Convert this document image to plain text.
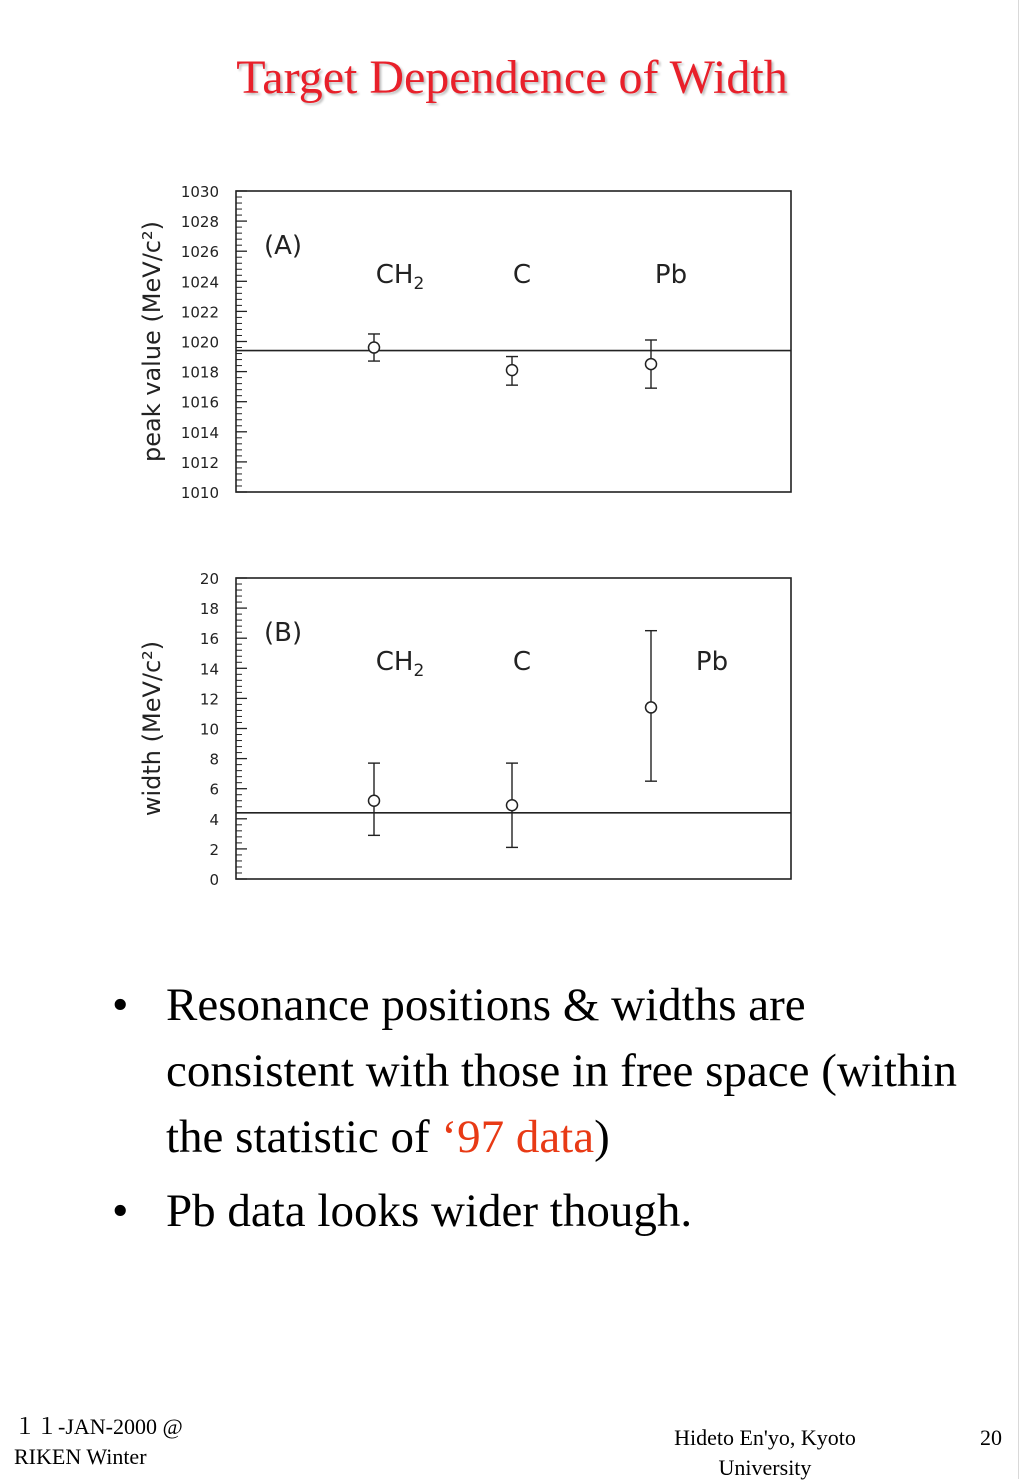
Target Dependence of Width
1010
1012
1014
1016
1018
1020
1022
1024
1026
1028
1030
peak value (MeV/c²)	(A)
$CH_2$	C	Pb
0
2
4
6
8
10
12
14
16
18
20
width (MeV/c²)
(B)
$CH_2$	C	Pb
• Resonance positions & widths are consistent with those in free space (within the statistic of ‘97 data)
• Pb data looks wider though.
１１-JAN-2000 @
RIKEN Winter
Hideto En'yo, Kyoto
University
20
